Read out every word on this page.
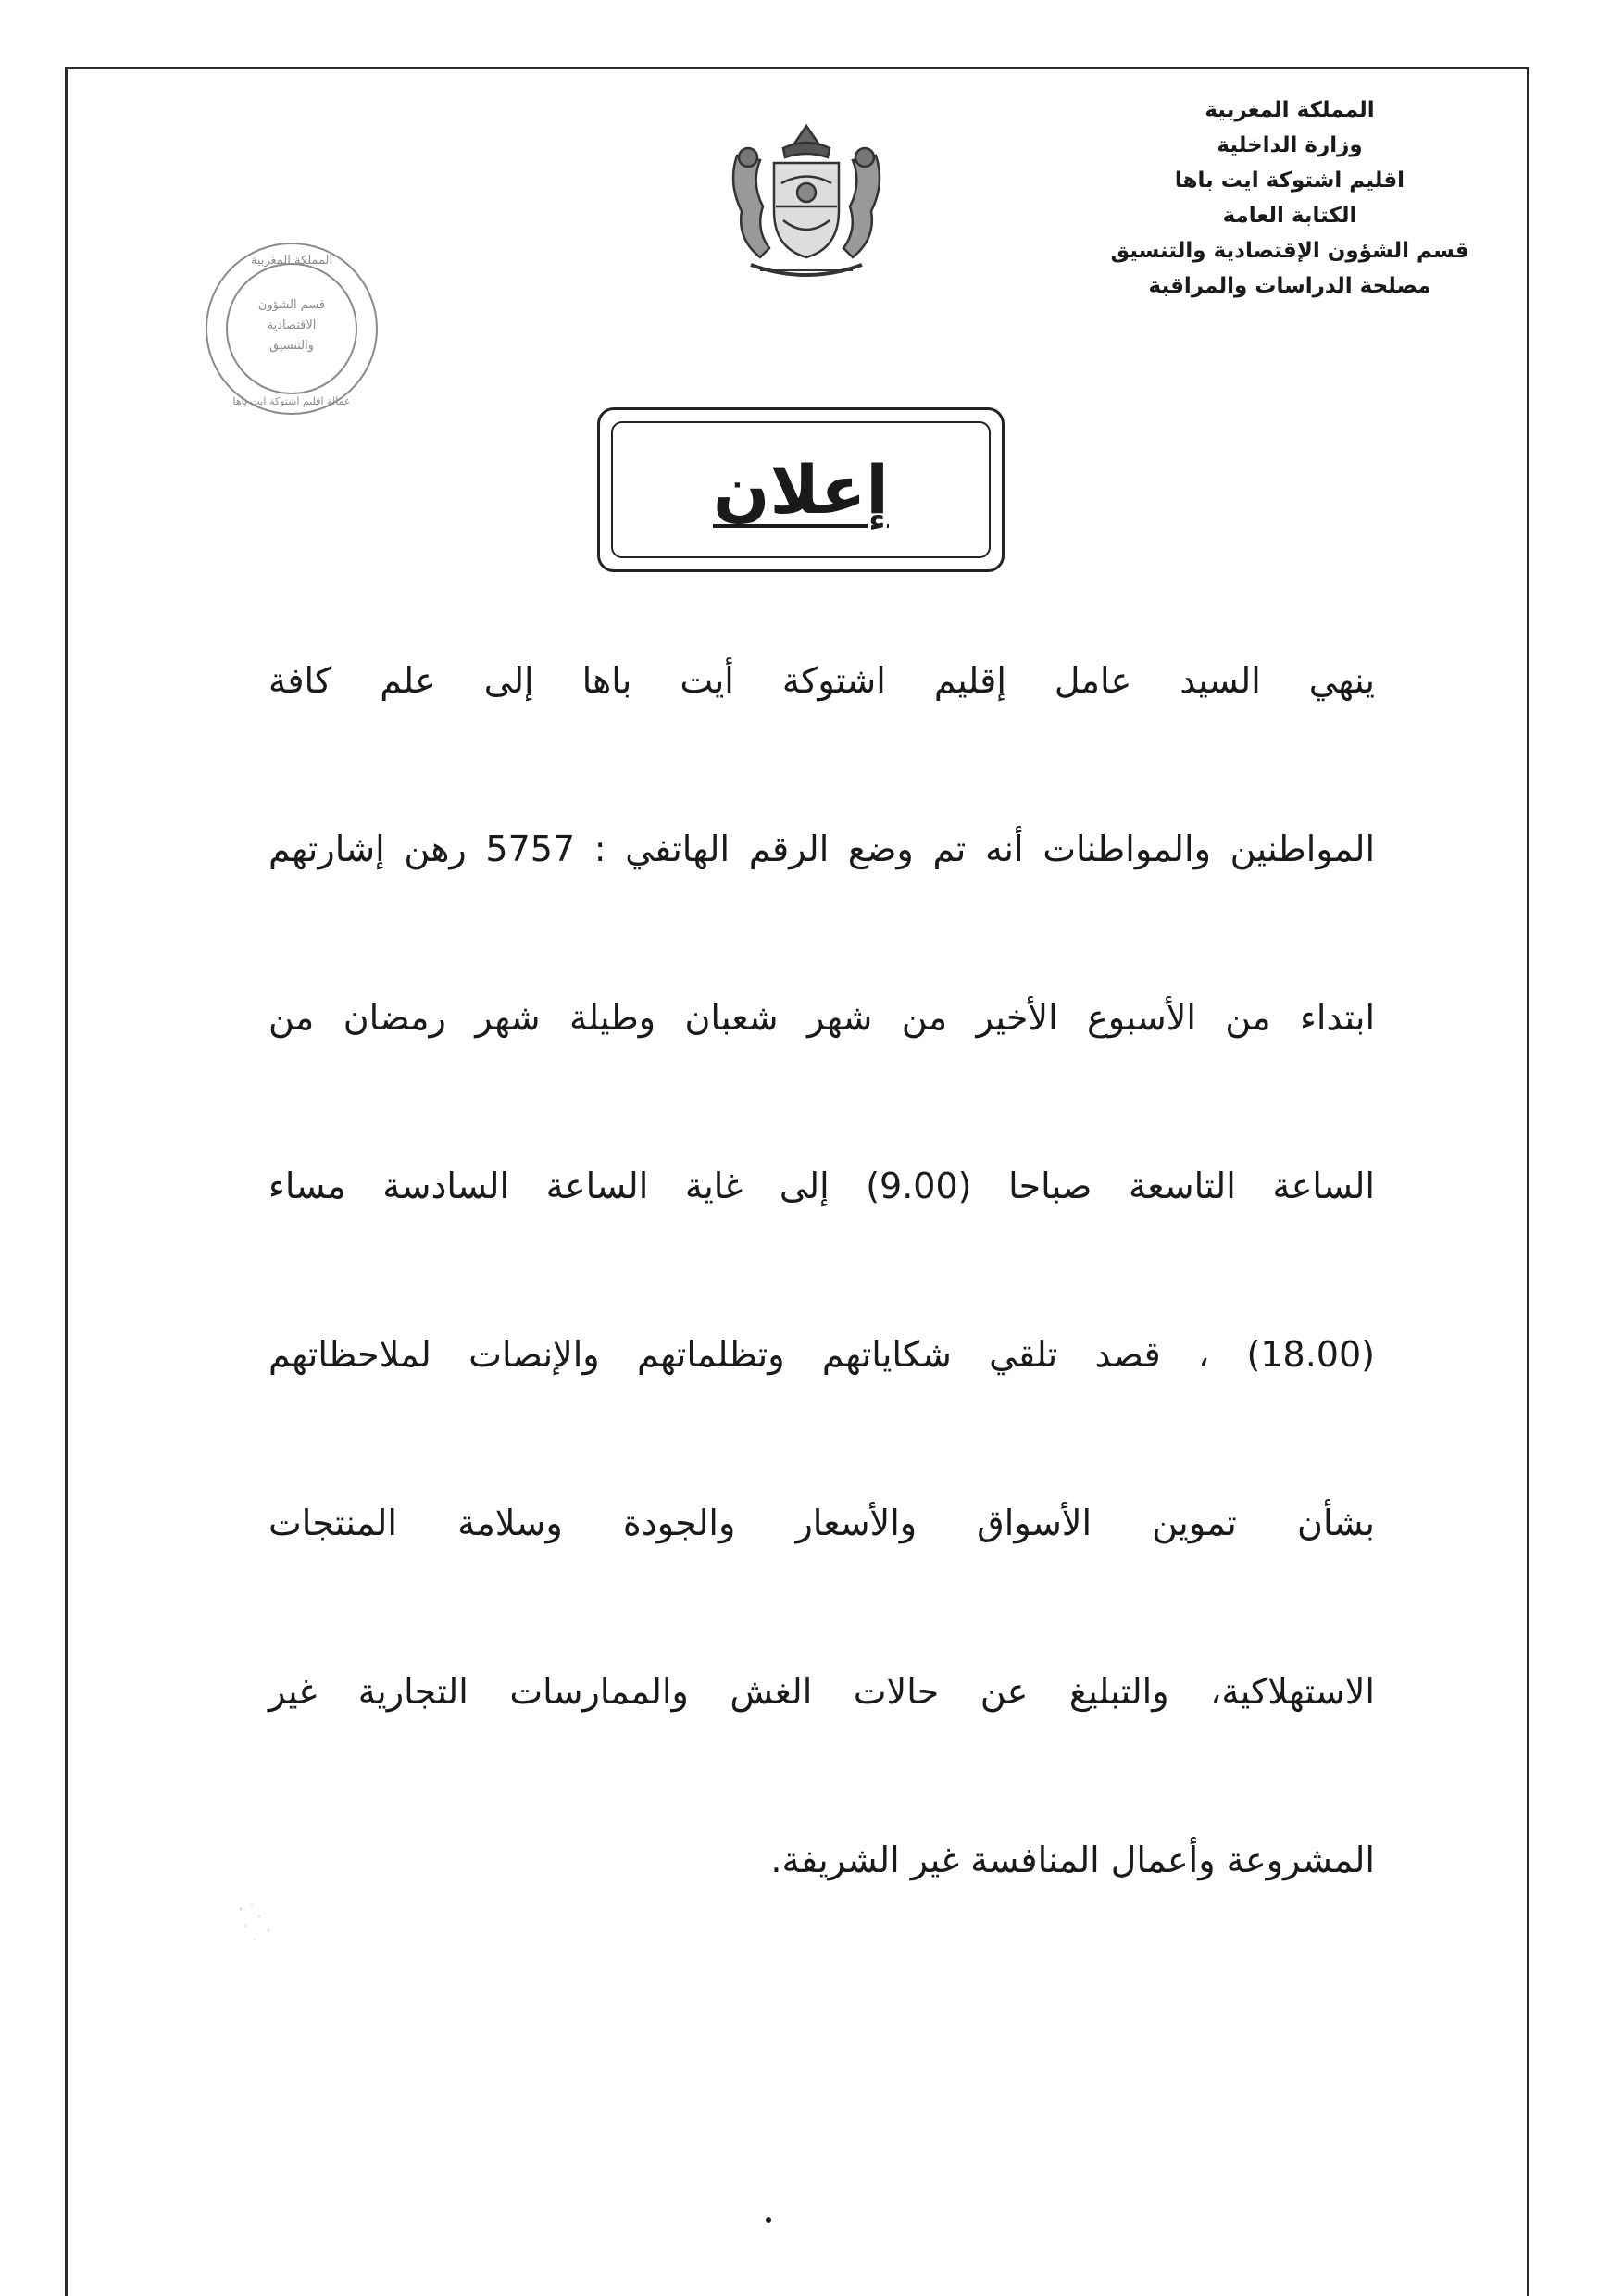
المملكة المغربية
وزارة الداخلية
اقليم اشتوكة ايت باها
الكتابة العامة
قسم الشؤون الإقتصادية والتنسيق
مصلحة الدراسات والمراقبة
المملكة المغربية
قسم الشؤون
الاقتصادية
والتنسيق
عمالة اقليم اشتوكة ايت باها
إعلان
ينهي السيد عامل إقليم اشتوكة أيت باها إلى علم كافة
المواطنين والمواطنات أنه تم وضع الرقم الهاتفي : 5757 رهن إشارتهم
ابتداء من الأسبوع الأخير من شهر شعبان وطيلة شهر رمضان من
الساعة التاسعة صباحا (9.00) إلى غاية الساعة السادسة مساء
(18.00) ، قصد تلقي شكاياتهم وتظلماتهم والإنصات لملاحظاتهم
بشأن تموين الأسواق والأسعار والجودة وسلامة المنتجات
الاستهلاكية، والتبليغ عن حالات الغش والممارسات التجارية غير
المشروعة وأعمال المنافسة غير الشريفة.
